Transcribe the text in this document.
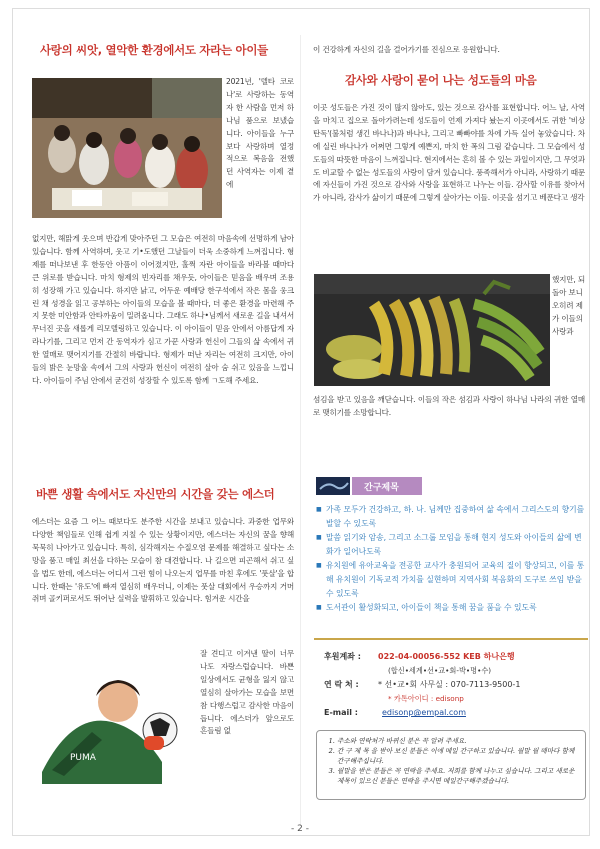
사랑의 씨앗, 열악한 환경에서도 자라는 아이들
2021년, '델타 코로나'로 사랑하는 동역자 한 사람을 먼저 하나님 품으로 보냈습니다. 아이들을 누구보다 사랑하며 열정적으로 복음을 전했던 사역자는 이제 곁에
없지만, 해맑게 웃으며 반갑게 맞아주던 그 모습은 여전히 마음속에 선명하게 남아 있습니다. 함께 사역하며, 웃고 기•도했던 그날들이 더욱 소중하게 느껴집니다. 형제를 떠나보낸 후 한동안 아픔이 이어졌지만, 홀쩍 자란 아이들을 바라볼 때마다 큰 위로를 받습니다. 마치 형제의 빈자리를 채우듯, 아이들은 믿음을 배우며 조용히 성장해 가고 있습니다. 하지만 낡고, 어두운 예배당 한구석에서 작은 몸을 웅크린 채 성경을 읽고 공부하는 아이들의 모습을 볼 때마다, 더 좋은 환경을 마련해 주지 못한 미안함과 안타까움이 밀려옵니다. 그래도 하나•님께서 새로운 길을 내셔서 무너진 곳을 새롭게 리모델링하고 있습니다. 이 아이들이 믿음 안에서 아름답게 자라나기를, 그리고 먼저 간 동역자가 심고 가꾼 사랑과 헌신이 그들의 삶 속에서 귀한 열매로 맺어지기를 간절히 바랍니다. 형제가 떠난 자리는 여전히 크지만, 아이들의 밝은 눈망울 속에서 그의 사랑과 헌신이 여전히 살아 숨 쉬고 있음을 느낍니다. 아이들이 주님 안에서 굳건히 성장할 수 있도록 함께 ㄱ도해 주세요.
바쁜 생활 속에서도 자신만의 시간을 갖는 에스더
에스더는 요즘 그 어느 때보다도 분주한 시간을 보내고 있습니다. 과중한 업무와 다양한 책임들로 인해 쉽게 지칠 수 있는 상황이지만, 에스더는 자신의 꿈을 향해 묵묵히 나아가고 있습니다. 특히, 심각해지는 수질오염 문제를 해결하고 싶다는 소망을 품고 매일 최선을 다하는 모습이 참 대견합니다. 나 길으면 피곤해서 쉬고 싶을 법도 한데, 에스더는 어디서 그런 힘이 나오는지 업무를 마친 후에도 '풋살'을 합니다. 한때는 '유도'에 빠져 열심히 배우더니, 이제는 풋살 대회에서 우승까지 거머쥐며 골키퍼로서도 뛰어난 실력을 발휘하고 있습니다. 힘겨운 시간을
PUMA
잘 견디고 이겨낸 딸이 너무나도 자랑스럽습니다. 바쁜 일상에서도 균형을 잃지 않고 열심히 살아가는 모습을 보면 참 다행스럽고 감사한 마음이 듭니다. 에스더가 앞으로도 흔들림 없
이 건강하게 자신의 길을 걸어가기를 진심으로 응원합니다.
감사와 사랑이 묻어 나는 성도들의 마음
이곳 성도들은 가진 것이 많지 않아도, 있는 것으로 감사를 표현합니다. 어느 날, 사역을 마치고 집으로 돌아가려는데 성도들이 언제 가져다 놨는지 이곳에서도 귀한 '비상 탄독'(불처럼 생긴 바나나)과 바나나, 그리고 빠빠야를 차에 가득 실어 놓았습니다. 차에 실린 바나나가 어쩌면 그렇게 예쁜지, 마치 한 폭의 그림 같습니다. 그 모습에서 성도들의 따뜻한 마음이 느껴집니다. 현지에서는 흔히 볼 수 있는 과일이지만, 그 무엇과도 비교할 수 없는 성도들의 사랑이 담겨 있습니다. 풍족해서가 아니라, 사랑하기 때문에 자신들이 가진 것으로 감사와 사랑을 표현하고 나누는 이들. 감사할 이유를 찾아서가 아니라, 감사가 삶이기 때문에 그렇게 살아가는 이들. 이곳을 섬기고 베푼다고 생각
했지만, 되돌아 보니 오히려 제가 이들의 사랑과
섬김을 받고 있음을 깨닫습니다. 이들의 작은 섬김과 사랑이 하나님 나라의 귀한 열매로 맺히기를 소망합니다.
간구제목
■ 가족 모두가 건강하고, 하. 나. 님께만 집중하여 삶 속에서 그리스도의 향기를 발할 수 있도록
■ 말씀 읽기와 암송, 그리고 소그룹 모임을 통해 현지 성도와 아이들의 삶에 변화가 일어나도록
■ 유치원에 유아교육을 전공한 교사가 충원되어 교육의 질이 향상되고, 이를 통해 유치원이 기독교적 가치를 실현하며 지역사회 복음화의 도구로 쓰임 받을 수 있도록
■ 도서관이 활성화되고, 아이들이 책을 통해 꿈을 품을 수 있도록
후원계좌 : 022-04-00056-552 KEB 하나은행
(합신•세계•선•교•회-박•명•수)
연 락 처 : * 선•교•회 사무실 : 070-7113-9500-1
* 카톡아이디 : edisonp
E-mail :	edisonp@empal.com
1. 주소와 연락처가 바뀌신 분은 꼭 알려 주세요.
2. 간 구 제 목 을 받아 보신 분들은 이에 메일 간구하고 있습니다. 월말 월 매마다 함께 간구해주십니다.
3. 월말을 받은 분들은 꼭 연락을 주세요. 저희를 함께 나누고 싶습니다. 그리고 새로운 제목이 있으신 분들은 연락을 주시면 메일간구해주겠습니다.
- 2 -
